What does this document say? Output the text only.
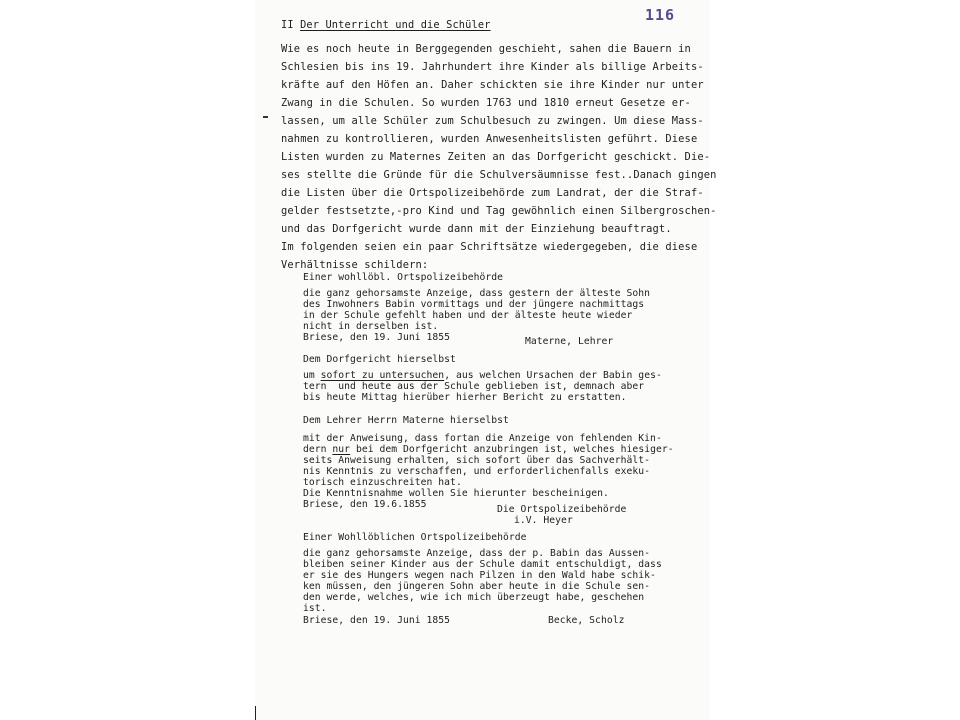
116
II Der Unterricht und die Schüler
Wie es noch heute in Berggegenden geschieht, sahen die Bauern in
Schlesien bis ins 19. Jahrhundert ihre Kinder als billige Arbeits-
kräfte auf den Höfen an. Daher schickten sie ihre Kinder nur unter
Zwang in die Schulen. So wurden 1763 und 1810 erneut Gesetze er-
lassen, um alle Schüler zum Schulbesuch zu zwingen. Um diese Mass-
nahmen zu kontrollieren, wurden Anwesenheitslisten geführt. Diese
Listen wurden zu Maternes Zeiten an das Dorfgericht geschickt. Die-
ses stellte die Gründe für die Schulversäumnisse fest..Danach gingen
die Listen über die Ortspolizeibehörde zum Landrat, der die Straf-
gelder festsetzte,-pro Kind und Tag gewöhnlich einen Silbergroschen-
und das Dorfgericht wurde dann mit der Einziehung beauftragt.
Im folgenden seien ein paar Schriftsätze wiedergegeben, die diese
Verhältnisse schildern:
Einer wohllöbl. Ortspolizeibehörde
die ganz gehorsamste Anzeige, dass gestern der älteste Sohn
des Inwohners Babin vormittags und der jüngere nachmittags
in der Schule gefehlt haben und der älteste heute wieder
nicht in derselben ist.
Briese, den 19. Juni 1855	Materne, Lehrer
Dem Dorfgericht hierselbst
um sofort zu untersuchen, aus welchen Ursachen der Babin ges-
tern  und heute aus der Schule geblieben ist, demnach aber
bis heute Mittag hierüber hierher Bericht zu erstatten.
Dem Lehrer Herrn Materne hierselbst
mit der Anweisung, dass fortan die Anzeige von fehlenden Kin-
dern nur bei dem Dorfgericht anzubringen ist, welches hiesiger-
seits Anweisung erhalten, sich sofort über das Sachverhält-
nis Kenntnis zu verschaffen, und erforderlichenfalls exeku-
torisch einzuschreiten hat.
Die Kenntnisnahme wollen Sie hierunter bescheinigen.
Briese, den 19.6.1855	Die Ortspolizeibehörde
i.V. Heyer
Einer Wohllöblichen Ortspolizeibehörde
die ganz gehorsamste Anzeige, dass der p. Babin das Aussen-
bleiben seiner Kinder aus der Schule damit entschuldigt, dass
er sie des Hungers wegen nach Pilzen in den Wald habe schik-
ken müssen, den jüngeren Sohn aber heute in die Schule sen-
den werde, welches, wie ich mich überzeugt habe, geschehen
ist.
Briese, den 19. Juni 1855	Becke, Scholz
